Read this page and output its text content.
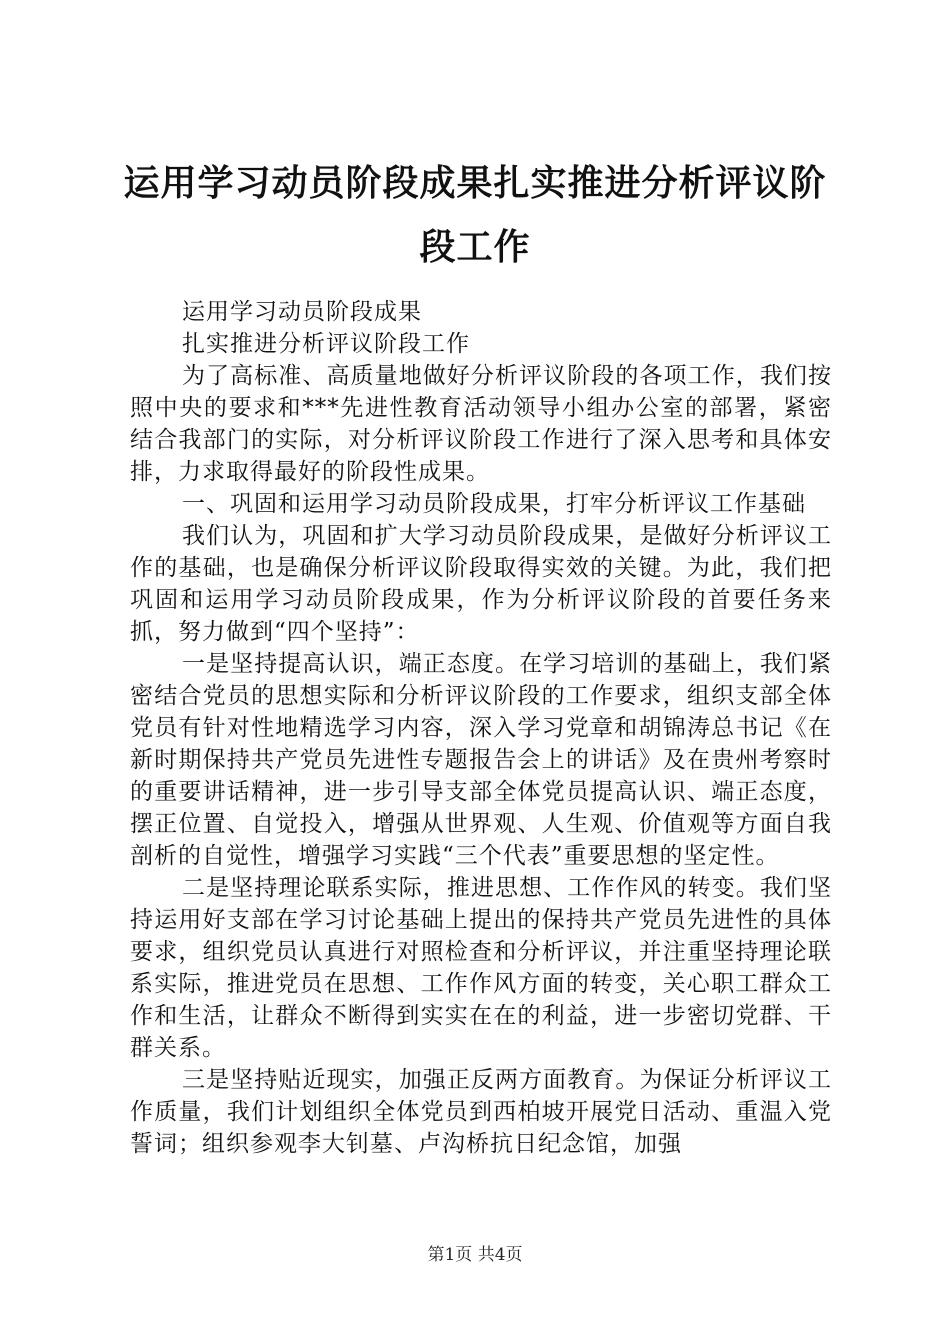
运用学习动员阶段成果扎实推进分析评议阶段工作

运用学习动员阶段成果

扎实推进分析评议阶段工作

为了高标准、高质量地做好分析评议阶段的各项工作，我们按照中央的要求和***先进性教育活动领导小组办公室的部署，紧密结合我部门的实际，对分析评议阶段工作进行了深入思考和具体安排，力求取得最好的阶段性成果。

一、巩固和运用学习动员阶段成果，打牢分析评议工作基础

我们认为，巩固和扩大学习动员阶段成果，是做好分析评议工作的基础，也是确保分析评议阶段取得实效的关键。为此，我们把巩固和运用学习动员阶段成果，作为分析评议阶段的首要任务来抓，努力做到“四个坚持”：

一是坚持提高认识，端正态度。在学习培训的基础上，我们紧密结合党员的思想实际和分析评议阶段的工作要求，组织支部全体党员有针对性地精选学习内容，深入学习党章和胡锦涛总书记《在新时期保持共产党员先进性专题报告会上的讲话》及在贵州考察时的重要讲话精神，进一步引导支部全体党员提高认识、端正态度，摆正位置、自觉投入，增强从世界观、人生观、价值观等方面自我剖析的自觉性，增强学习实践“三个代表”重要思想的坚定性。

二是坚持理论联系实际，推进思想、工作作风的转变。我们坚持运用好支部在学习讨论基础上提出的保持共产党员先进性的具体要求，组织党员认真进行对照检查和分析评议，并注重坚持理论联系实际，推进党员在思想、工作作风方面的转变，关心职工群众工作和生活，让群众不断得到实实在在的利益，进一步密切党群、干群关系。

三是坚持贴近现实，加强正反两方面教育。为保证分析评议工作质量，我们计划组织全体党员到西柏坡开展党日活动、重温入党誓词；组织参观李大钊墓、卢沟桥抗日纪念馆，加强

第1页 共4页
